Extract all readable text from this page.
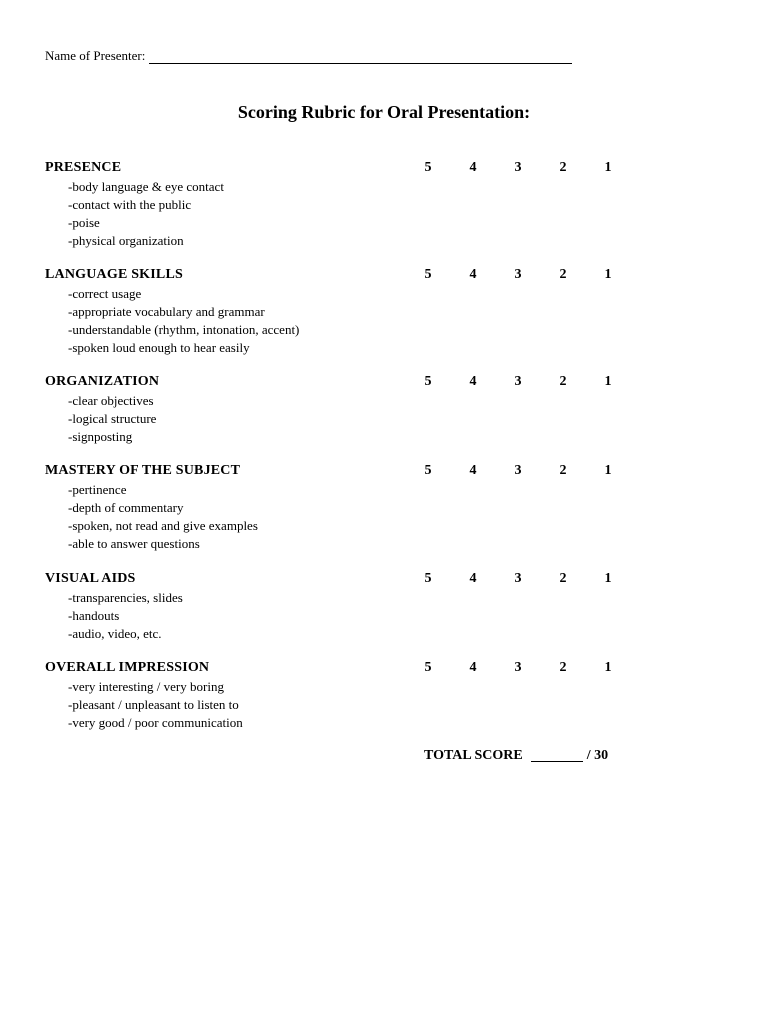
Name of Presenter:
Scoring Rubric for Oral Presentation:
PRESENCE	5	4	3	2	1
-body language & eye contact
-contact with the public
-poise
-physical organization
LANGUAGE SKILLS	5	4	3	2	1
-correct usage
-appropriate vocabulary and grammar
-understandable (rhythm, intonation, accent)
-spoken loud enough to hear easily
ORGANIZATION	5	4	3	2	1
-clear objectives
-logical structure
-signposting
MASTERY OF THE SUBJECT	5	4	3	2	1
-pertinence
-depth of commentary
-spoken, not read and give examples
-able to answer questions
VISUAL AIDS	5	4	3	2	1
-transparencies, slides
-handouts
-audio, video, etc.
OVERALL IMPRESSION	5	4	3	2	1
-very interesting / very boring
-pleasant / unpleasant to listen to
-very good / poor communication
TOTAL SCORE	/ 30
